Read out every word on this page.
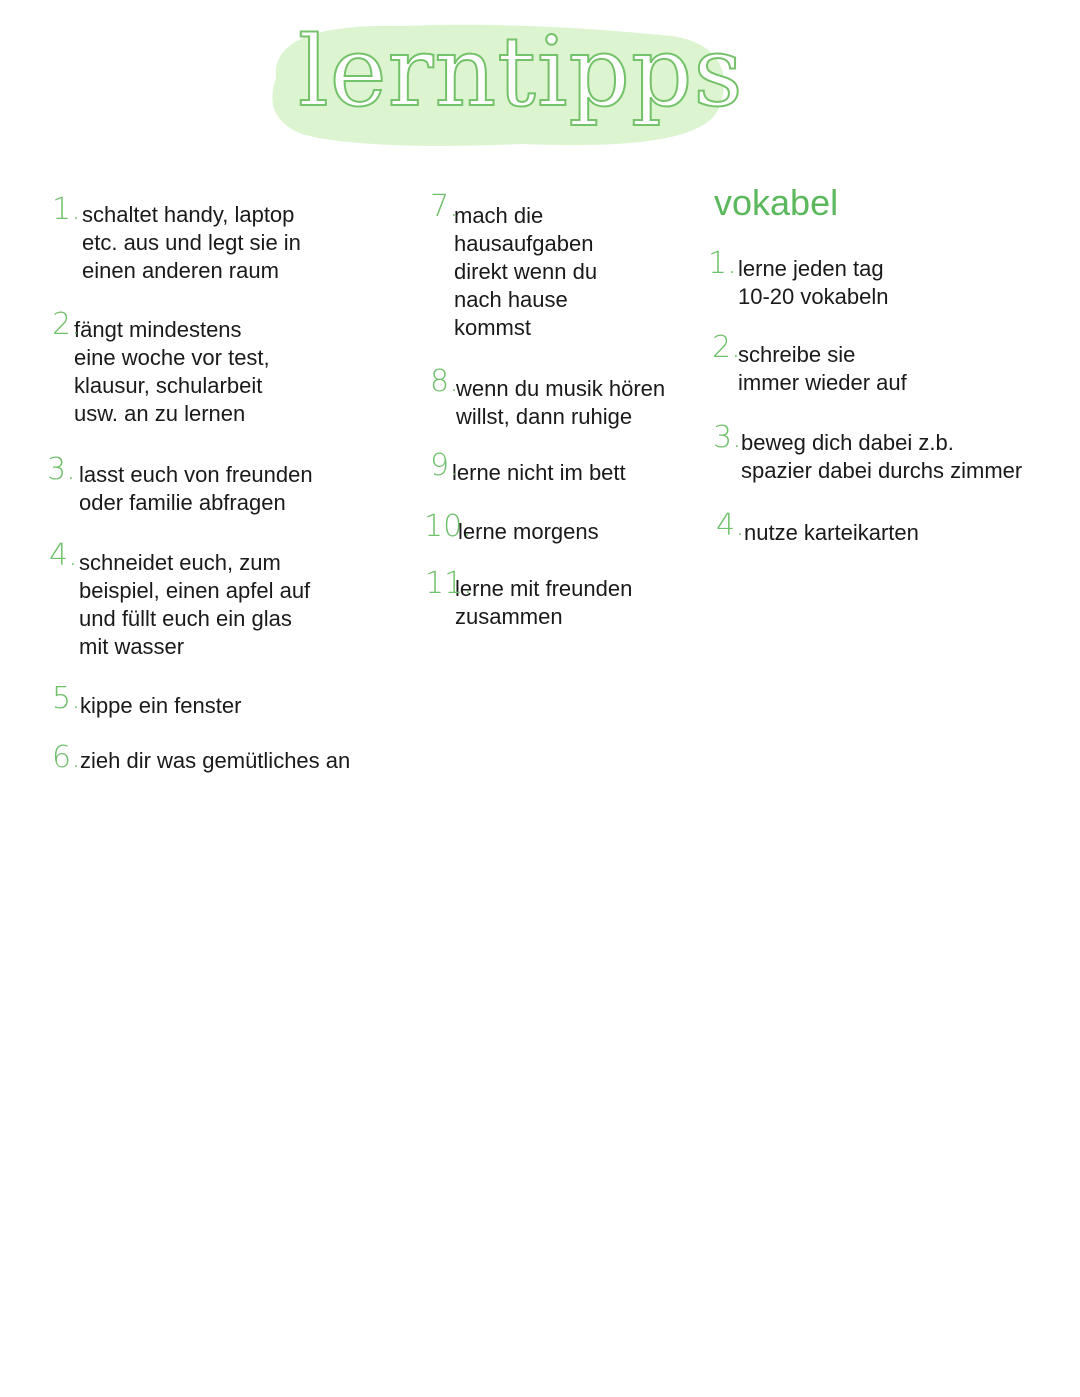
lerntipps
1. schaltet handy, laptop
etc. aus und legt sie in
einen anderen raum
2.
fängt mindestens
eine woche vor test,
klausur, schularbeit
usw. an zu lernen
3. lasst euch von freunden
oder familie abfragen
4. schneidet euch, zum
beispiel, einen apfel auf
und füllt euch ein glas
mit wasser
5. kippe ein fenster
6. zieh dir was gemütliches an
7.
mach die
hausaufgaben
direkt wenn du
nach hause
kommst
8.
wenn du musik hören
willst, dann ruhige
9.
lerne nicht im bett
10.
lerne morgens
11.
lerne mit freunden
zusammen
vokabel
1. lerne jeden tag
10-20 vokabeln
2.
schreibe sie
immer wieder auf
3. beweg dich dabei z.b.
spazier dabei durchs zimmer
4. nutze karteikarten
